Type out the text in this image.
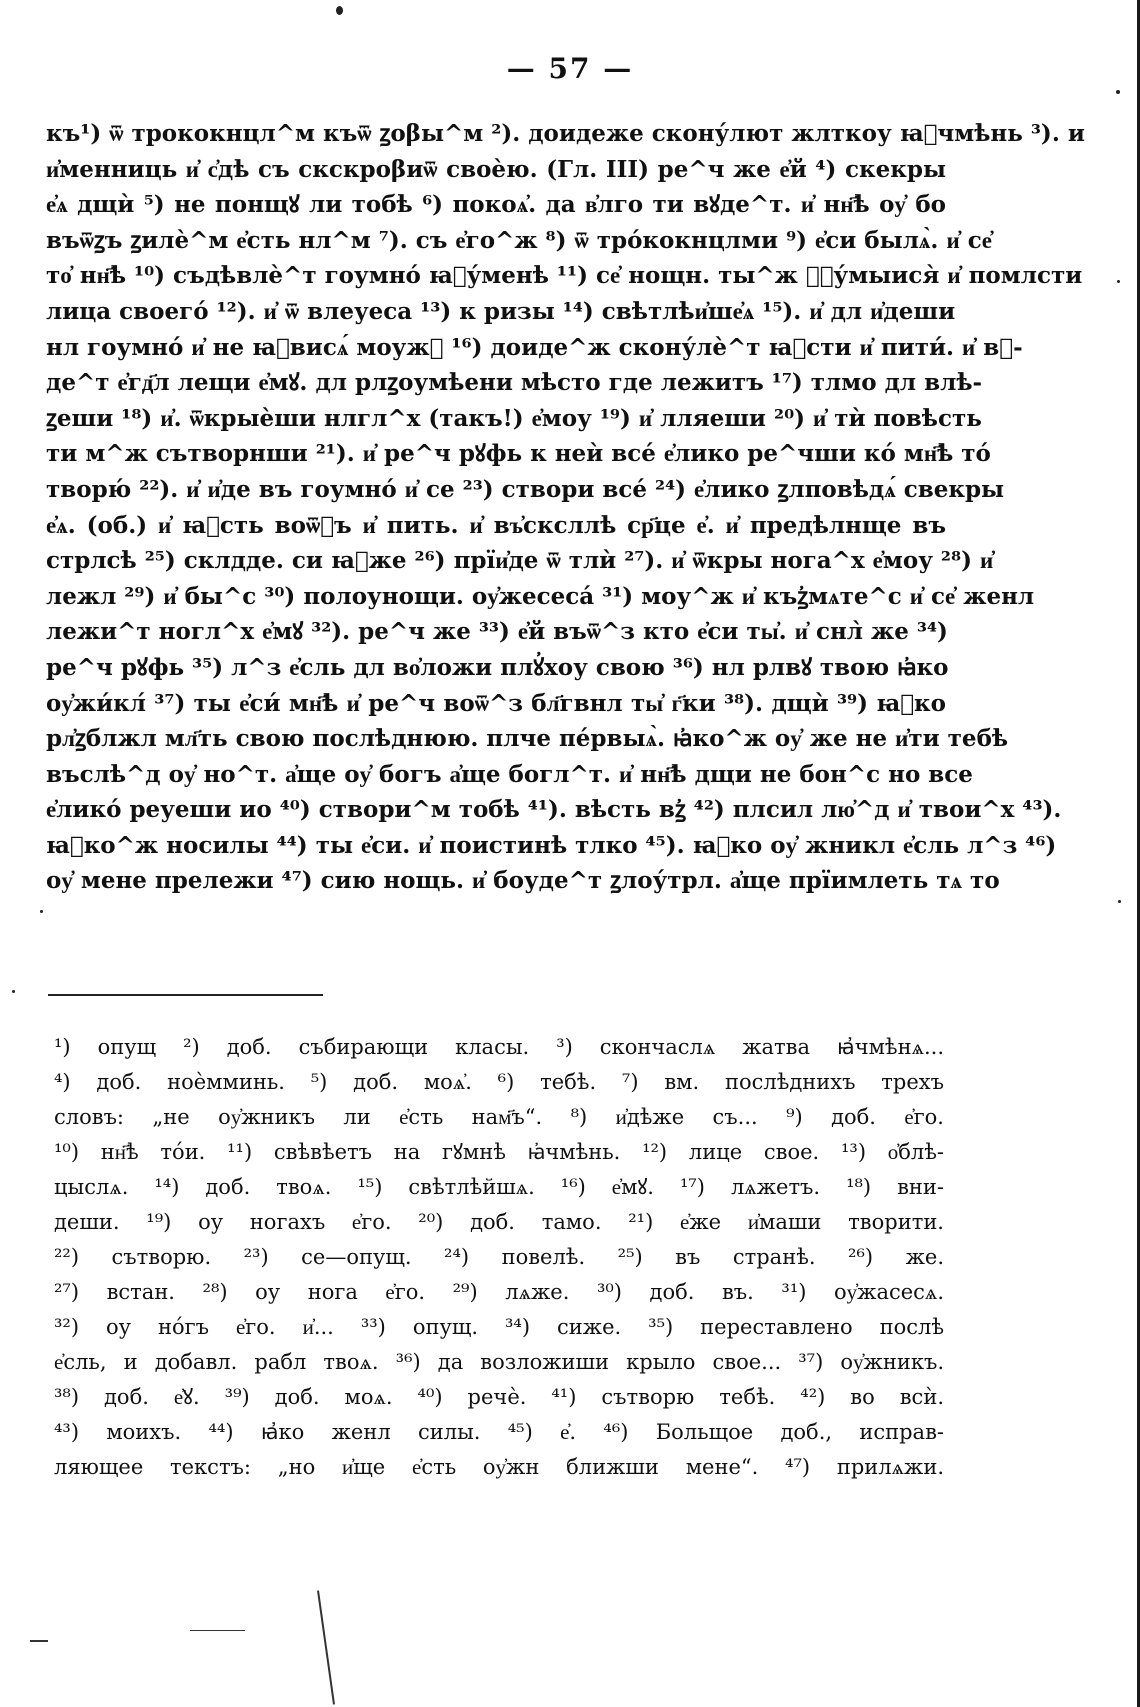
— 57 —
къ¹) ѿ трококнцл^м къѿ ꙁоβы^м ²). доидеже скону́лют жлткоу ꙗ҆чмѣнь ³). и
и҆менниць и҆ с҆дѣ съ скскроβиѿ своѐю. (Гл. III) ре^ч же е҆й ⁴) скекры
е҆ѧ дщѝ ⁵) не понщꙋ ли тобѣ ⁶) покоѧ҆. да в҆лго ти вꙋде^т. и҆ нн҃ѣ оу҆ бо
въѿꙁъ ꙁилѐ^м е҆сть нл^м ⁷). съ е҆го^ж ⁸) ѿ тро́кокнцлми ⁹) е҆си былѧ̀. и҆ се҆
то҆ нн҃ѣ ¹⁰) съдѣвлѐ^т гоумно́ ꙗ҆у́менѣ ¹¹) се҆ нощн. ты^ж ꙁ҆у́мыися̀ и҆ помлсти
лица своего́ ¹²). и҆ ѿ влеуеса ¹³) к ризы ¹⁴) свѣтлѣи҆ше҆ѧ ¹⁵). и҆ дл и҆деши
нл гоумно́ и҆ не ꙗ҆висѧ́ моужꙋ ¹⁶) доиде^ж скону́лѐ^т ꙗ҆сти и҆ пити́. и҆ вꙋ-
де^т е҆гд҃л лещи е҆мꙋ. дл рлꙁоумѣени мѣсто где лежитъ ¹⁷) тлмо дл влѣ-
ꙁеши ¹⁸) и҆. ѿкрыѐши нлгл^х (такъ!) е҆моу ¹⁹) и҆ лляеши ²⁰) и҆ тѝ повѣсть
ти м^ж сътворнши ²¹). и҆ ре^ч рꙋфь к неѝ все́ е҆лико ре^чши ко́ мн҃ѣ то́
творю́ ²²). и҆ и҆де въ гоумно́ и҆ се ²³) створи все́ ²⁴) е҆лико ꙁлповѣдѧ́ свекры
е҆ѧ. (об.) и҆ ꙗ҆сть воѿꙁъ и҆ пить. и҆ въ҆сксллѣ ср҃це е҆. и҆ предѣлнще въ
стрлсѣ ²⁵) склдде. си ꙗ҆же ²⁶) прїи҆де ѿ тлѝ ²⁷). и҆ ѿкры нога^х е҆моу ²⁸) и҆
лежл ²⁹) и҆ бы^с ³⁰) полоунощи. оу҆жесеса́ ³¹) моу^ж и҆ къꙁ҆мѧте^с и҆ се҆ женл
лежи^т ногл^х е҆мꙋ ³²). ре^ч же ³³) е҆й въѿ^з кто е҆си ты҆. и҆ снл̀ же ³⁴)
ре^ч рꙋфь ³⁵) л^з е҆сль дл во҆ложи плꙋ҆хоу свою ³⁶) нл рлвꙋ твою ꙗ҆ко
оу҆жи́кл́ ³⁷) ты е҆си́ мн҃ѣ и҆ ре^ч воѿ^з бл҃гвнл ты҆ г҃ки ³⁸). дщѝ ³⁹) ꙗ҆ко
рл҆ꙁблжл мл҃ть свою послѣднюю. плче пе́рвыѧ̀. ꙗ҆ко^ж оу҆ же не и҆ти тебѣ
въслѣ^д оу҆ но^т. а҆ще оу҆ богъ а҆ще богл^т. и҆ нн҃ѣ дщи не бон^с но все
е҆лико́ реуеши ио ⁴⁰) створи^м тобѣ ⁴¹). вѣсть вꙁ҆ ⁴²) плсил лю҆^д и҆ твои^х ⁴³).
ꙗ҆ко^ж носилы ⁴⁴) ты е҆си. и҆ поистинѣ тлко ⁴⁵). ꙗ҆ко оу҆ жникл е҆сль л^з ⁴⁶)
оу҆ мене прележи ⁴⁷) сию нощь. и҆ боуде^т ꙁлоу́трл. а҆ще прїимлеть тѧ то
¹) опущ ²) доб. събирающи класы. ³) скончаслѧ жатва ꙗ҆чмѣнѧ...
⁴) доб. ноѐмминь. ⁵) доб. моѧ҆. ⁶) тебѣ. ⁷) вм. послѣднихъ трехъ
словъ: „не оу҆жникъ ли е҆сть нам҃ъ“. ⁸) и҆дѣже съ... ⁹) доб. е҆го.
¹⁰) нн҃ѣ то́и. ¹¹) свѣвѣетъ на гꙋмнѣ ꙗ҆чмѣнь. ¹²) лице свое. ¹³) о҆блѣ-
цыслѧ. ¹⁴) доб. твоѧ. ¹⁵) свѣтлѣйшѧ. ¹⁶) е҆мꙋ. ¹⁷) лѧжетъ. ¹⁸) вни-
деши. ¹⁹) оу ногахъ е҆го. ²⁰) доб. тамо. ²¹) е҆же и҆маши творити.
²²) сътворю. ²³) се—опущ. ²⁴) повелѣ. ²⁵) въ странѣ. ²⁶) же.
²⁷) встан. ²⁸) оу нога е҆го. ²⁹) лѧже. ³⁰) доб. въ. ³¹) оу҆жасесѧ.
³²) оу но́гъ е҆го. и҆... ³³) опущ. ³⁴) сиже. ³⁵) переставлено послѣ
е҆сль, и добавл. рабл твоѧ. ³⁶) да возложиши крыло свое... ³⁷) оу҆жникъ.
³⁸) доб. е҆ꙋ. ³⁹) доб. моѧ. ⁴⁰) речѐ. ⁴¹) сътворю тебѣ. ⁴²) во всѝ.
⁴³) моихъ. ⁴⁴) ꙗ҆ко женл силы. ⁴⁵) е҆. ⁴⁶) Больщое доб., исправ-
ляющее текстъ: „но и҆ще е҆сть оу҆жн ближши мене“. ⁴⁷) прилѧжи.
